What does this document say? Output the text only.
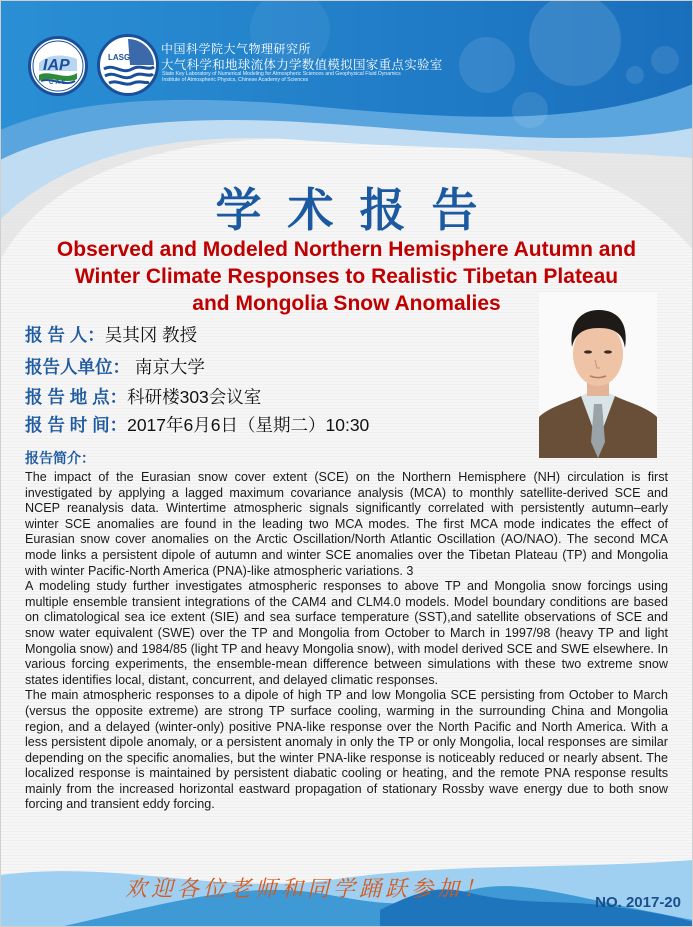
IAP
CAS
LASG
中国科学院大气物理研究所
大气科学和地球流体力学数值模拟国家重点实验室
State Key Laboratory of Numerical Modeling for Atmospheric Sciences and Geophysical Fluid Dynamics
Institute of Atmospheric Physics, Chinese Academy of Sciences
学术报告
Observed and Modeled Northern Hemisphere Autumn and
Winter Climate Responses to Realistic Tibetan Plateau
and Mongolia Snow Anomalies
报 告 人：吴其冈 教授
报告人单位： 南京大学
报 告 地 点：科研楼303会议室
报 告 时 间：2017年6月6日（星期二）10:30
报告简介：

The impact of the Eurasian snow cover extent (SCE) on the Northern Hemisphere (NH) circulation is first investigated by applying a lagged maximum covariance analysis (MCA) to monthly satellite-derived SCE and NCEP reanalysis data. Wintertime atmospheric signals significantly correlated with persistently autumn–early winter SCE anomalies are found in the leading two MCA modes. The first MCA mode indicates the effect of Eurasian snow cover anomalies on the Arctic Oscillation/North Atlantic Oscillation (AO/NAO). The second MCA mode links a persistent dipole of autumn and winter SCE anomalies over the Tibetan Plateau (TP) and Mongolia with winter Pacific-North America (PNA)-like atmospheric variations. 3

A modeling study further investigates atmospheric responses to above TP and Mongolia snow forcings using multiple ensemble transient integrations of the CAM4 and CLM4.0 models. Model boundary conditions are based on climatological sea ice extent (SIE) and sea surface temperature (SST),and satellite observations of SCE and snow water equivalent (SWE) over the TP and Mongolia from October to March in 1997/98 (heavy TP and light Mongolia snow) and 1984/85 (light TP and heavy Mongolia snow), with model derived SCE and SWE elsewhere. In various forcing experiments, the ensemble-mean difference between simulations with these two extreme snow states identifies local, distant, concurrent, and delayed climatic responses.

The main atmospheric responses to a dipole of high TP and low Mongolia SCE persisting from October to March (versus the opposite extreme) are strong TP surface cooling, warming in the surrounding China and Mongolia region, and a delayed (winter-only) positive PNA-like response over the North Pacific and North America. With a less persistent dipole anomaly, or a persistent anomaly in only the TP or only Mongolia, local responses are similar depending on the specific anomalies, but the winter PNA-like response is noticeably reduced or nearly absent. The localized response is maintained by persistent diabatic cooling or heating, and the remote PNA response results mainly from the increased horizontal eastward propagation of stationary Rossby wave energy due to both snow forcing and transient eddy forcing.

欢迎各位老师和同学踊跃参加！
NO. 2017-20
